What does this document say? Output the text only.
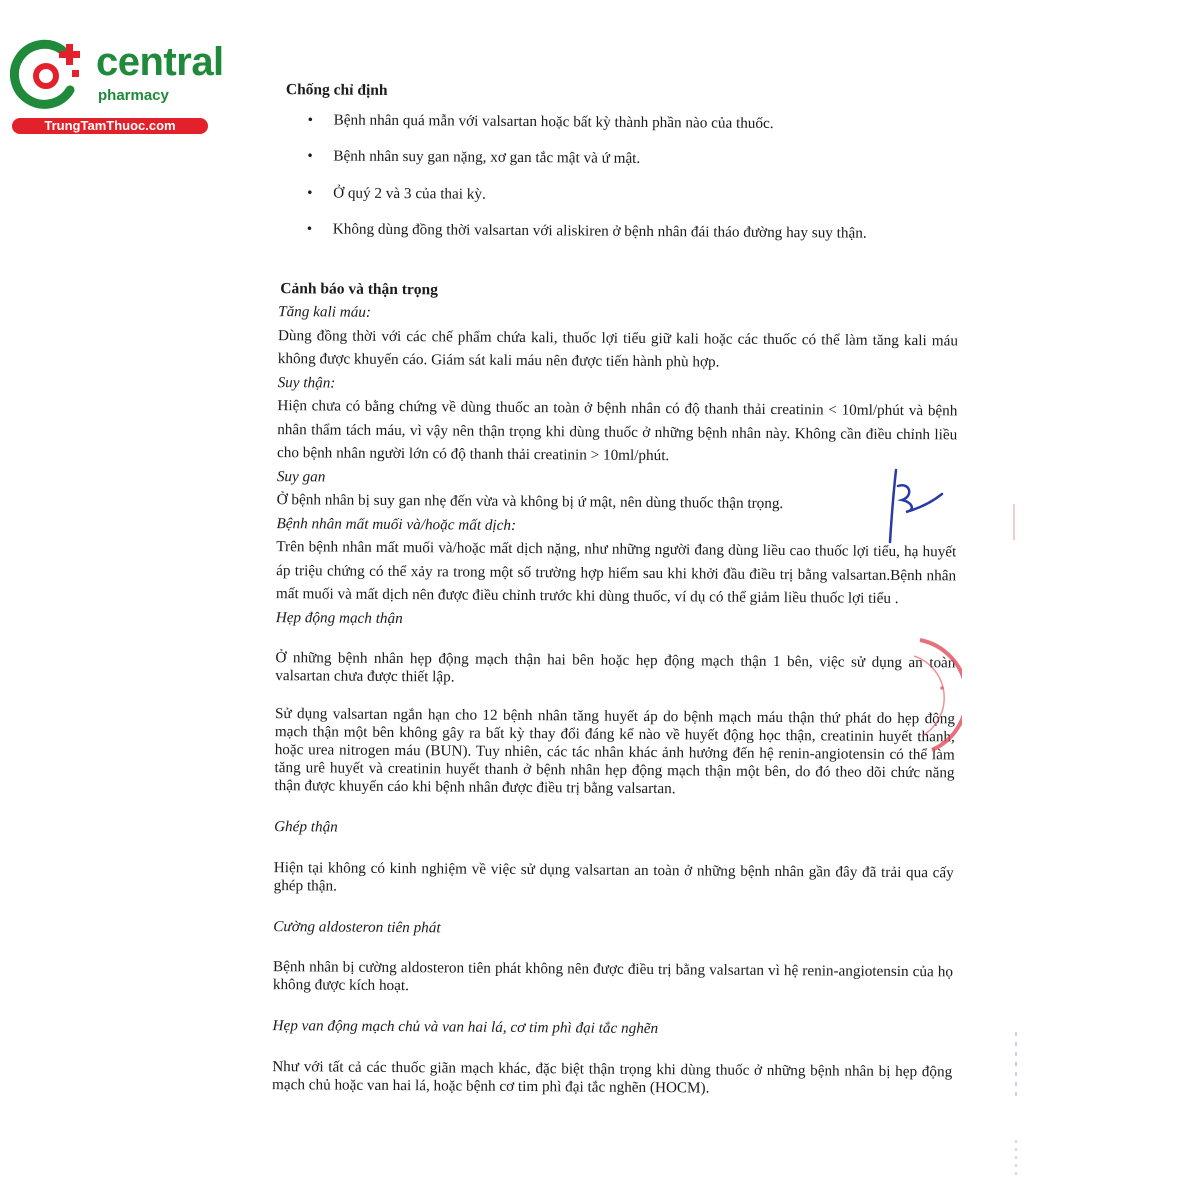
central
pharmacy
TrungTamThuoc.com
Chống chỉ định
• Bệnh nhân quá mẫn với valsartan hoặc bất kỳ thành phần nào của thuốc.
• Bệnh nhân suy gan nặng, xơ gan tắc mật và ứ mật.
• Ở quý 2 và 3 của thai kỳ.
• Không dùng đồng thời valsartan với aliskiren ở bệnh nhân đái tháo đường hay suy thận.
Cảnh báo và thận trọng
Tăng kali máu:
Dùng đồng thời với các chế phẩm chứa kali, thuốc lợi tiểu giữ kali hoặc các thuốc có thể làm tăng kali máu không được khuyến cáo. Giám sát kali máu nên được tiến hành phù hợp.
Suy thận:
Hiện chưa có bằng chứng về dùng thuốc an toàn ở bệnh nhân có độ thanh thải creatinin < 10ml/phút và bệnh nhân thẩm tách máu, vì vậy nên thận trọng khi dùng thuốc ở những bệnh nhân này. Không cần điều chỉnh liều cho bệnh nhân người lớn có độ thanh thải creatinin > 10ml/phút.
Suy gan
Ở bệnh nhân bị suy gan nhẹ đến vừa và không bị ứ mật, nên dùng thuốc thận trọng.
Bệnh nhân mất muối và/hoặc mất dịch:
Trên bệnh nhân mất muối và/hoặc mất dịch nặng, như những người đang dùng liều cao thuốc lợi tiểu, hạ huyết áp triệu chứng có thể xảy ra trong một số trường hợp hiếm sau khi khởi đầu điều trị bằng valsartan.Bệnh nhân mất muối và mất dịch nên được điều chỉnh trước khi dùng thuốc, ví dụ có thể giảm liều thuốc lợi tiểu .
Hẹp động mạch thận
Ở những bệnh nhân hẹp động mạch thận hai bên hoặc hẹp động mạch thận 1 bên, việc sử dụng an toàn valsartan chưa được thiết lập.
Sử dụng valsartan ngắn hạn cho 12 bệnh nhân tăng huyết áp do bệnh mạch máu thận thứ phát do hẹp động mạch thận một bên không gây ra bất kỳ thay đổi đáng kể nào về huyết động học thận, creatinin huyết thanh, hoặc urea nitrogen máu (BUN). Tuy nhiên, các tác nhân khác ảnh hưởng đến hệ renin-angiotensin có thể làm tăng urê huyết và creatinin huyết thanh ở bệnh nhân hẹp động mạch thận một bên, do đó theo dõi chức năng thận được khuyến cáo khi bệnh nhân được điều trị bằng valsartan.
Ghép thận
Hiện tại không có kinh nghiệm về việc sử dụng valsartan an toàn ở những bệnh nhân gần đây đã trải qua cấy ghép thận.
Cường aldosteron tiên phát
Bệnh nhân bị cường aldosteron tiên phát không nên được điều trị bằng valsartan vì hệ renin-angiotensin của họ không được kích hoạt.
Hẹp van động mạch chủ và van hai lá, cơ tim phì đại tắc nghẽn
Như với tất cả các thuốc giãn mạch khác, đặc biệt thận trọng khi dùng thuốc ở những bệnh nhân bị hẹp động mạch chủ hoặc van hai lá, hoặc bệnh cơ tim phì đại tắc nghẽn (HOCM).
